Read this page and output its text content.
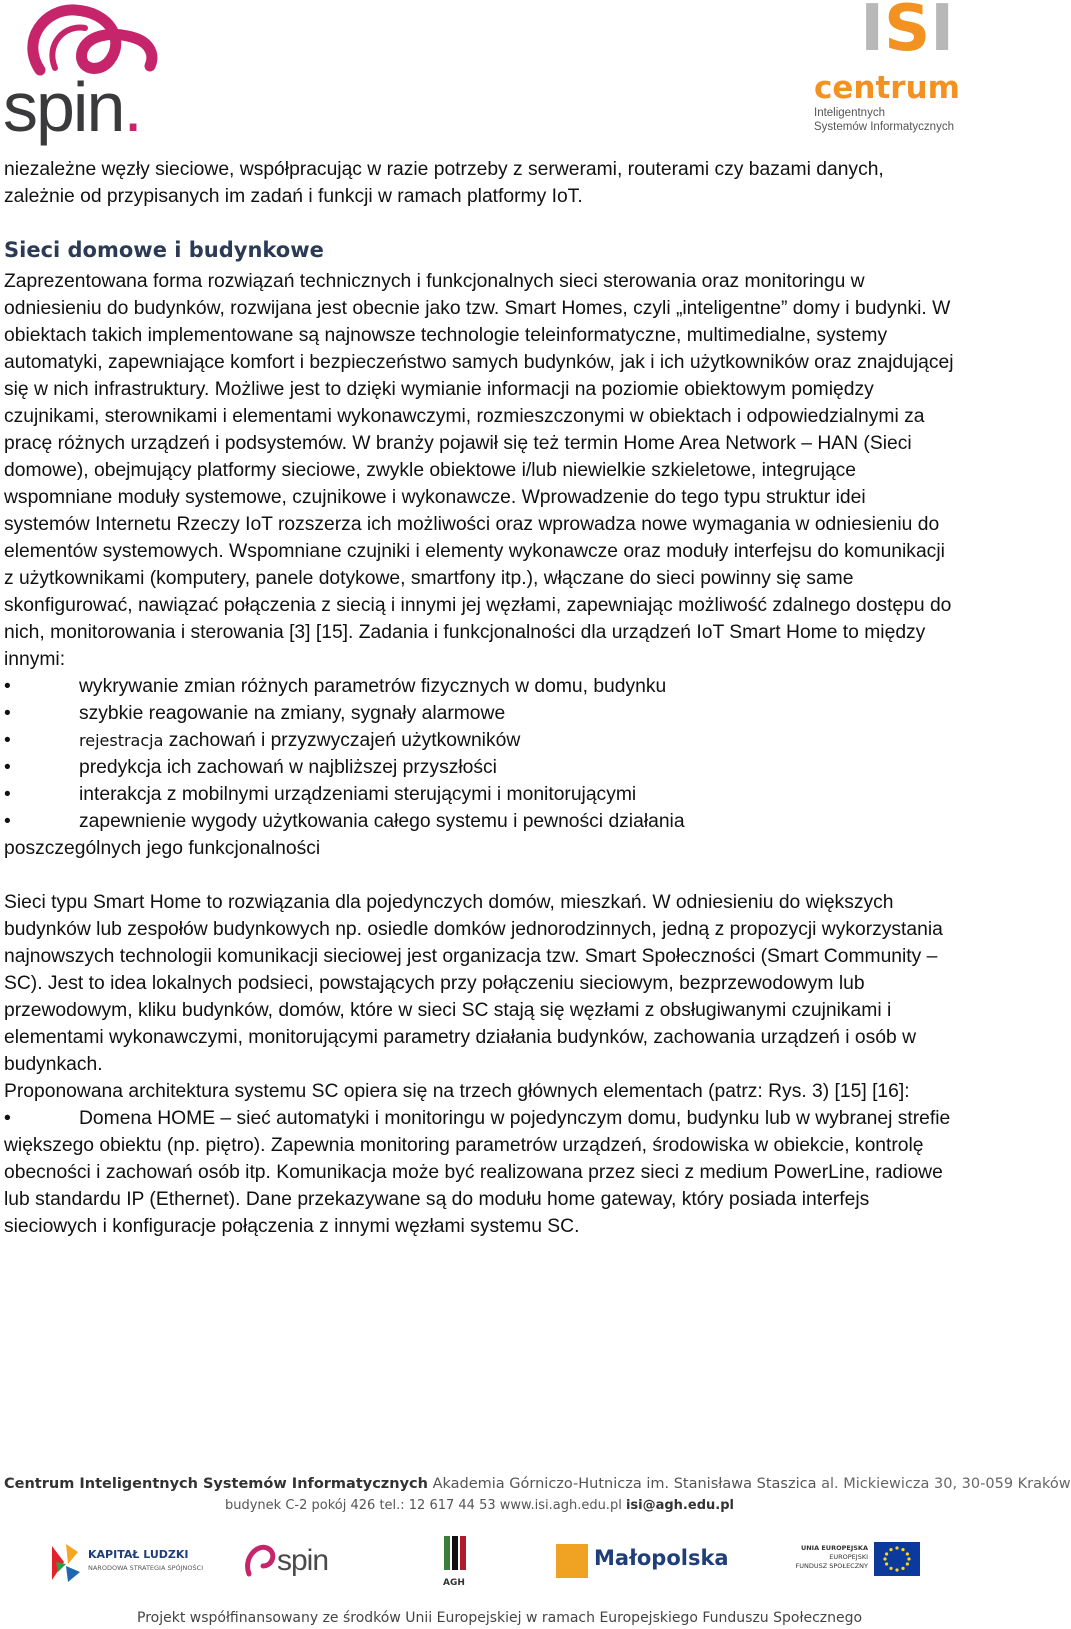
spin.
ISI
centrum
Inteligentnych
Systemów Informatycznych

niezależne węzły sieciowe, współpracując w razie potrzeby z serwerami, routerami czy bazami danych, zależnie od przypisanych im zadań i funkcji w ramach platformy IoT.

Sieci domowe i budynkowe

Zaprezentowana forma rozwiązań technicznych i funkcjonalnych sieci sterowania oraz monitoringu w odniesieniu do budynków, rozwijana jest obecnie jako tzw. Smart Homes, czyli „inteligentne” domy i budynki. W obiektach takich implementowane są najnowsze technologie teleinformatyczne, multimedialne, systemy automatyki, zapewniające komfort i bezpieczeństwo samych budynków, jak i ich użytkowników oraz znajdującej się w nich infrastruktury. Możliwe jest to dzięki wymianie informacji na poziomie obiektowym pomiędzy czujnikami, sterownikami i elementami wykonawczymi, rozmieszczonymi w obiektach i odpowiedzialnymi za pracę różnych urządzeń i podsystemów. W branży pojawił się też termin Home Area Network – HAN (Sieci domowe), obejmujący platformy sieciowe, zwykle obiektowe i/lub niewielkie szkieletowe, integrujące wspomniane moduły systemowe, czujnikowe i wykonawcze. Wprowadzenie do tego typu struktur idei systemów Internetu Rzeczy IoT rozszerza ich możliwości oraz wprowadza nowe wymagania w odniesieniu do elementów systemowych. Wspomniane czujniki i elementy wykonawcze oraz moduły interfejsu do komunikacji z użytkownikami (komputery, panele dotykowe, smartfony itp.), włączane do sieci powinny się same skonfigurować, nawiązać połączenia z siecią i innymi jej węzłami, zapewniając możliwość zdalnego dostępu do nich, monitorowania i sterowania [3] [15]. Zadania i funkcjonalności dla urządzeń IoT Smart Home to między innymi:

• wykrywanie zmian różnych parametrów fizycznych w domu, budynku
• szybkie reagowanie na zmiany, sygnały alarmowe
• rejestracja zachowań i przyzwyczajeń użytkowników
• predykcja ich zachowań w najbliższej przyszłości
• interakcja z mobilnymi urządzeniami sterującymi i monitorującymi
• zapewnienie wygody użytkowania całego systemu i pewności działania

poszczególnych jego funkcjonalności

Sieci typu Smart Home to rozwiązania dla pojedynczych domów, mieszkań. W odniesieniu do większych budynków lub zespołów budynkowych np. osiedle domków jednorodzinnych, jedną z propozycji wykorzystania najnowszych technologii komunikacji sieciowej jest organizacja tzw. Smart Społeczności (Smart Community – SC). Jest to idea lokalnych podsieci, powstających przy połączeniu sieciowym, bezprzewodowym lub przewodowym, kliku budynków, domów, które w sieci SC stają się węzłami z obsługiwanymi czujnikami i elementami wykonawczymi, monitorującymi parametry działania budynków, zachowania urządzeń i osób w budynkach.

Proponowana architektura systemu SC opiera się na trzech głównych elementach (patrz: Rys. 3) [15] [16]:

• •	Domena HOME – sieć automatyki i monitoringu w pojedynczym domu, budynku lub w wybranej strefie większego obiektu (np. piętro). Zapewnia monitoring parametrów urządzeń, środowiska w obiekcie, kontrolę obecności i zachowań osób itp. Komunikacja może być realizowana przez sieci z medium PowerLine, radiowe lub standardu IP (Ethernet). Dane przekazywane są do modułu home gateway, który posiada interfejs sieciowych i konfiguracje połączenia z innymi węzłami systemu SC.

Centrum Inteligentnych Systemów Informatycznych Akademia Górniczo-Hutnicza im. Stanisława Staszica al. Mickiewicza 30, 30-059 Kraków
budynek C-2 pokój 426 tel.: 12 617 44 53 www.isi.agh.edu.pl isi@agh.edu.pl
KAPITAŁ LUDZKI
NARODOWA STRATEGIA SPÓJNOŚCI spin
AGH
Małopolska	UNIA EUROPEJSKA
EUROPEJSKI
FUNDUSZ SPOŁECZNY
Projekt współfinansowany ze środków Unii Europejskiej w ramach Europejskiego Funduszu Społecznego
